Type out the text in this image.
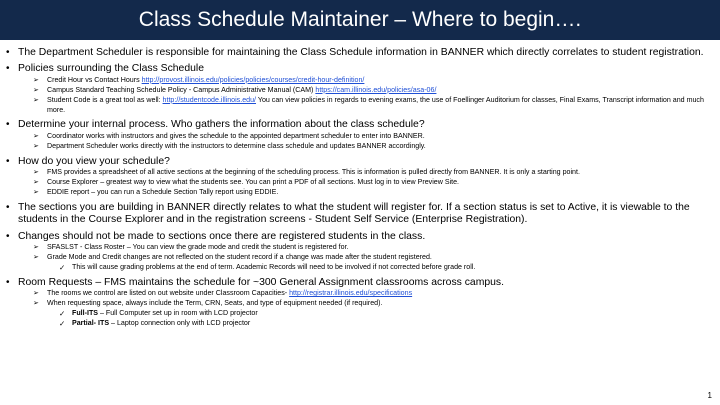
Class Schedule Maintainer – Where to begin….
• The Department Scheduler is responsible for maintaining the Class Schedule information in BANNER which directly correlates to student registration.
• Policies surrounding the Class Schedule
➢ Credit Hour vs Contact Hours http://provost.illinois.edu/policies/policies/courses/credit-hour-definition/
➢ Campus Standard Teaching Schedule Policy - Campus Administrative Manual (CAM) https://cam.illinois.edu/policies/asa-06/
➢ Student Code is a great tool as well: http://studentcode.illinois.edu/ You can view policies in regards to evening exams, the use of Foellinger Auditorium for classes, Final Exams, Transcript information and much more.
• Determine your internal process. Who gathers the information about the class schedule?
➢ Coordinator works with instructors and gives the schedule to the appointed department scheduler to enter into BANNER.
➢ Department Scheduler works directly with the instructors to determine class schedule and updates BANNER accordingly.
• How do you view your schedule?
➢ FMS provides a spreadsheet of all active sections at the beginning of the scheduling process. This is information is pulled directly from BANNER. It is only a starting point.
➢ Course Explorer – greatest way to view what the students see. You can print a PDF of all sections. Must log in to view Preview Site.
➢ EDDIE report – you can run a Schedule Section Tally report using EDDIE.
• The sections you are building in BANNER directly relates to what the student will register for. If a section status is set to Active, it is viewable to the students in the Course Explorer and in the registration screens - Student Self Service (Enterprise Registration).
• Changes should not be made to sections once there are registered students in the class.
➢ SFASLST - Class Roster – You can view the grade mode and credit the student is registered for.
➢ Grade Mode and Credit changes are not reflected on the student record if a change was made after the student registered.
✓ This will cause grading problems at the end of term. Academic Records will need to be involved if not corrected before grade roll.
• Room Requests – FMS maintains the schedule for ~300 General Assignment classrooms across campus.
➢ The rooms we control are listed on out website under Classroom Capacities- http://registrar.illinois.edu/specifications
➢ When requesting space, always include the Term, CRN, Seats, and type of equipment needed (if required).
✓ Full-ITS – Full Computer set up in room with LCD projector
✓ Partial- ITS – Laptop connection only with LCD projector
1
